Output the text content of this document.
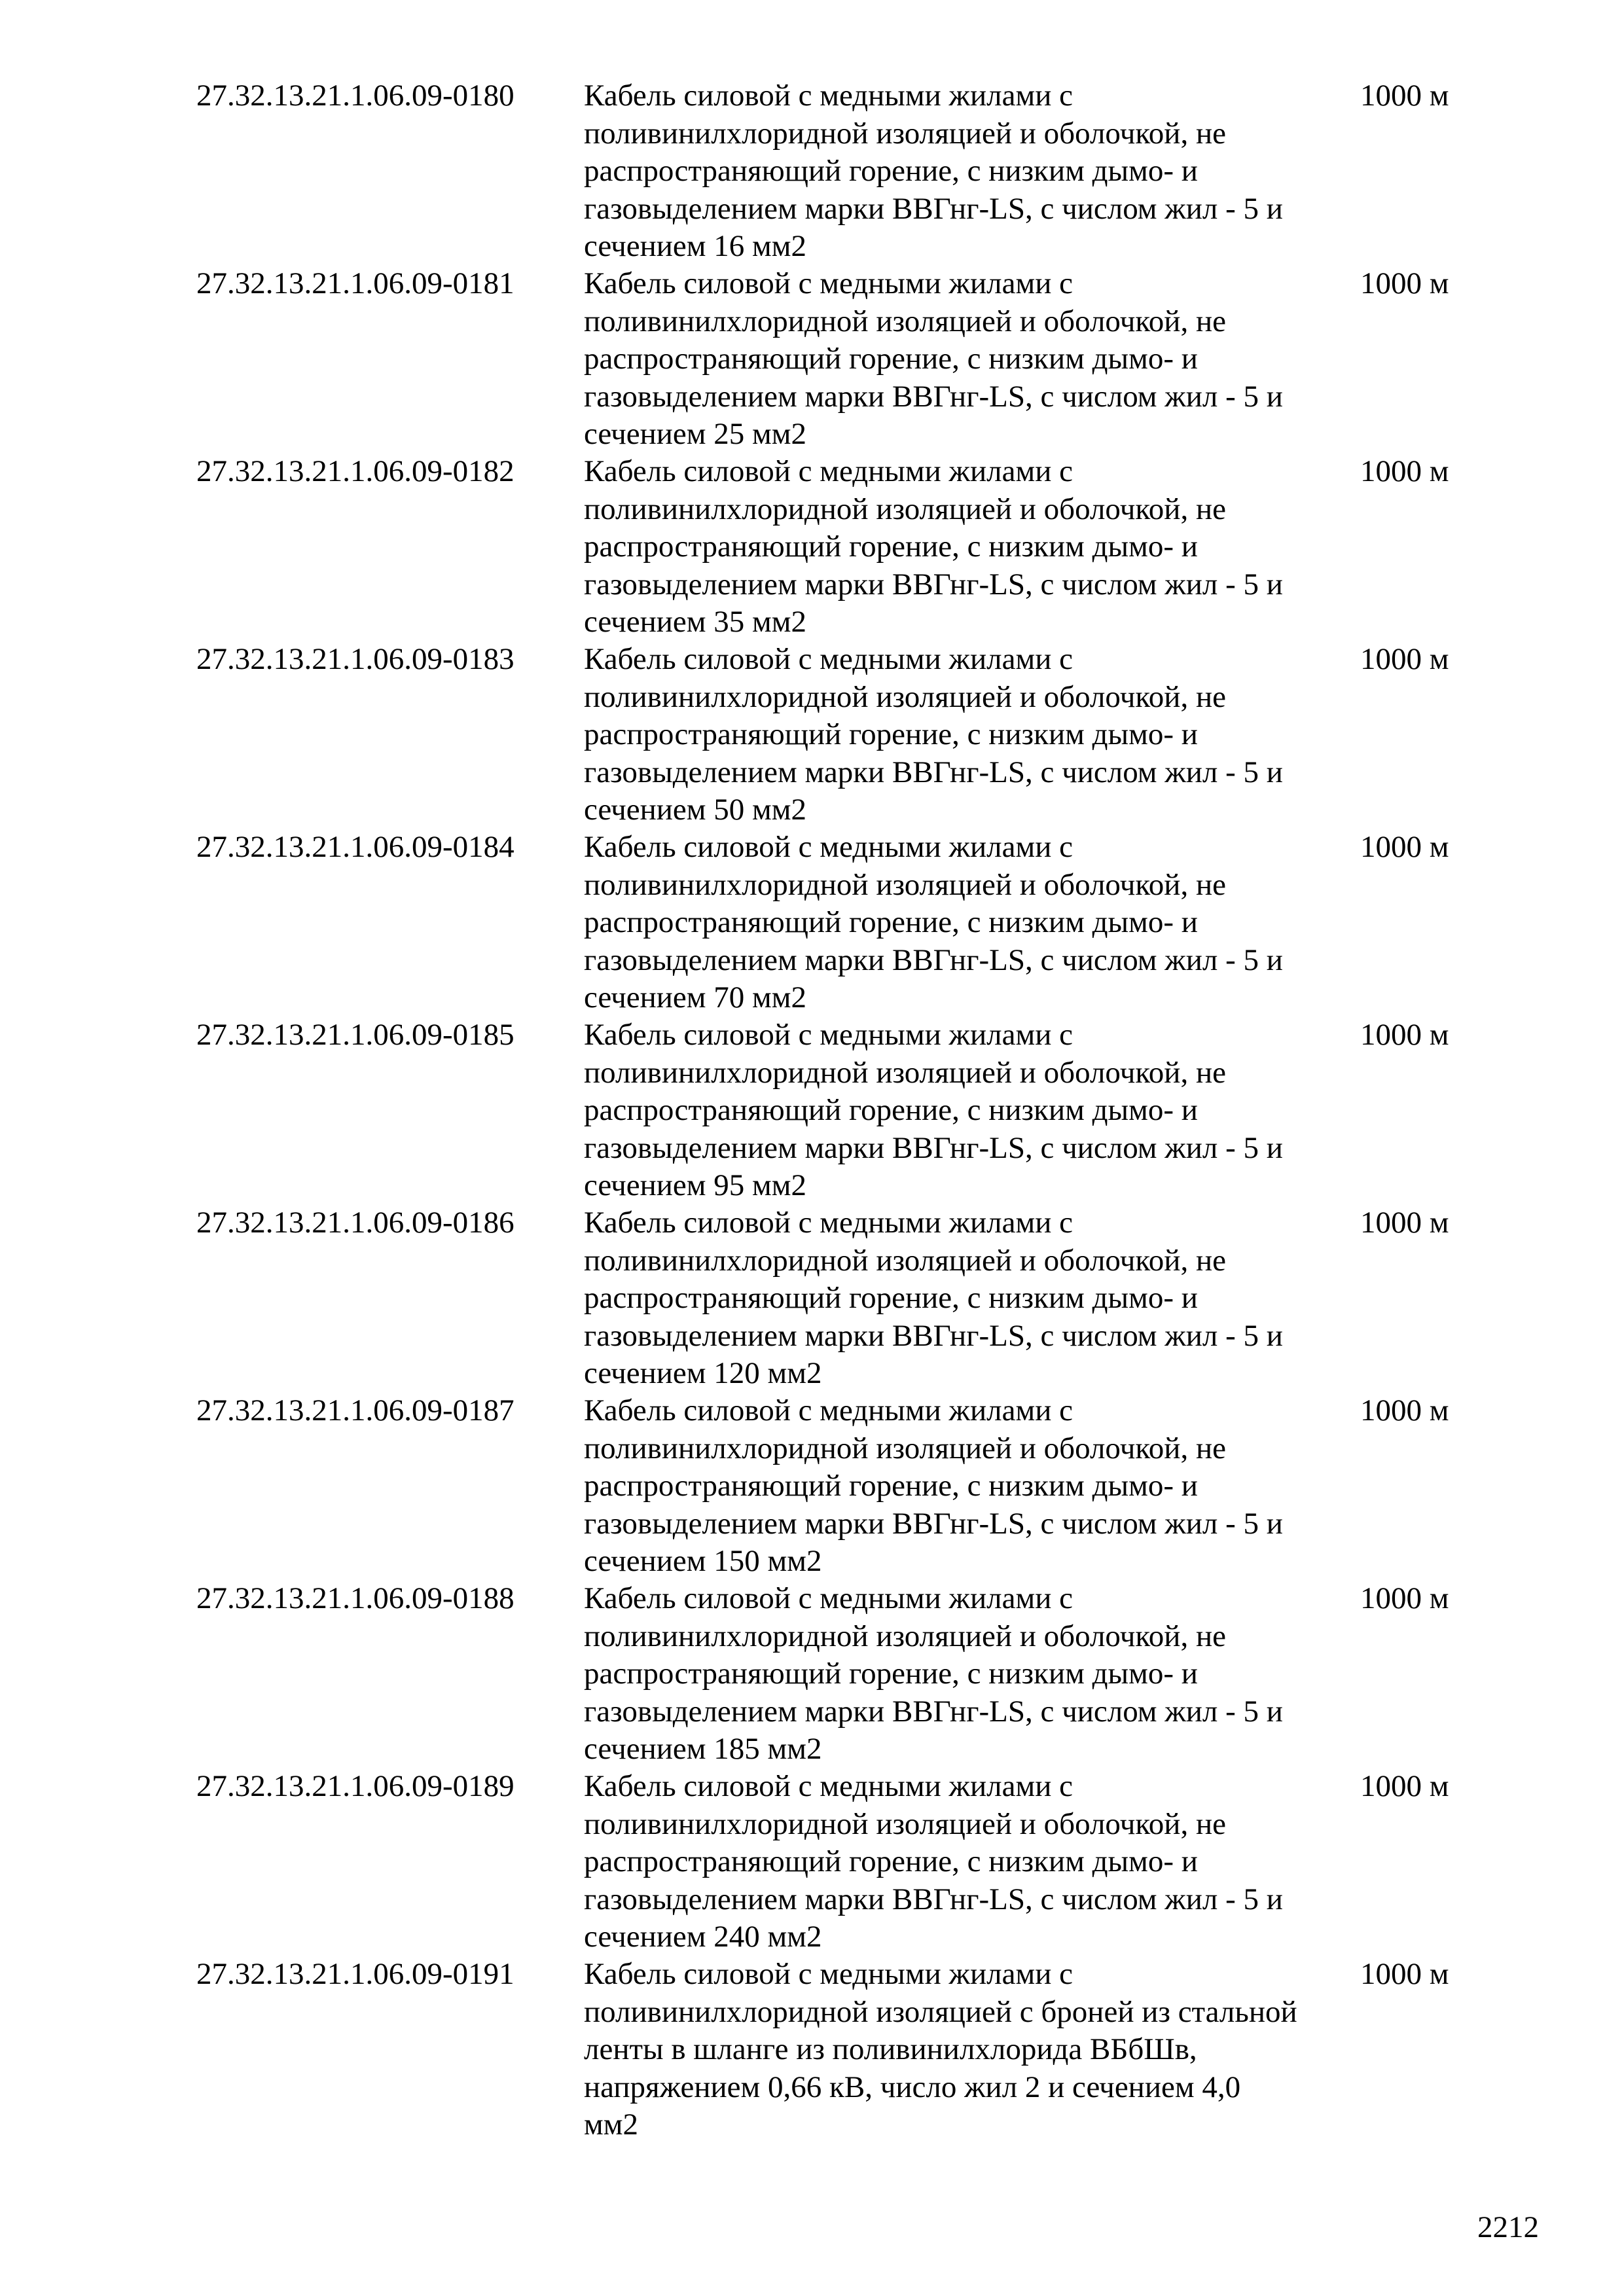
27.32.13.21.1.06.09-0180	Кабель силовой с медными жилами с
поливинилхлоридной изоляцией и оболочкой, не
распространяющий горение, с низким дымо- и
газовыделением марки ВВГнг-LS, с числом жил - 5 и
сечением 16 мм2
1000 м
27.32.13.21.1.06.09-0181	Кабель силовой с медными жилами с
поливинилхлоридной изоляцией и оболочкой, не
распространяющий горение, с низким дымо- и
газовыделением марки ВВГнг-LS, с числом жил - 5 и
сечением 25 мм2
1000 м
27.32.13.21.1.06.09-0182	Кабель силовой с медными жилами с
поливинилхлоридной изоляцией и оболочкой, не
распространяющий горение, с низким дымо- и
газовыделением марки ВВГнг-LS, с числом жил - 5 и
сечением 35 мм2
1000 м
27.32.13.21.1.06.09-0183	Кабель силовой с медными жилами с
поливинилхлоридной изоляцией и оболочкой, не
распространяющий горение, с низким дымо- и
газовыделением марки ВВГнг-LS, с числом жил - 5 и
сечением 50 мм2
1000 м
27.32.13.21.1.06.09-0184	Кабель силовой с медными жилами с
поливинилхлоридной изоляцией и оболочкой, не
распространяющий горение, с низким дымо- и
газовыделением марки ВВГнг-LS, с числом жил - 5 и
сечением 70 мм2
1000 м
27.32.13.21.1.06.09-0185	Кабель силовой с медными жилами с
поливинилхлоридной изоляцией и оболочкой, не
распространяющий горение, с низким дымо- и
газовыделением марки ВВГнг-LS, с числом жил - 5 и
сечением 95 мм2
1000 м
27.32.13.21.1.06.09-0186	Кабель силовой с медными жилами с
поливинилхлоридной изоляцией и оболочкой, не
распространяющий горение, с низким дымо- и
газовыделением марки ВВГнг-LS, с числом жил - 5 и
сечением 120 мм2
1000 м
27.32.13.21.1.06.09-0187	Кабель силовой с медными жилами с
поливинилхлоридной изоляцией и оболочкой, не
распространяющий горение, с низким дымо- и
газовыделением марки ВВГнг-LS, с числом жил - 5 и
сечением 150 мм2
1000 м
27.32.13.21.1.06.09-0188	Кабель силовой с медными жилами с
поливинилхлоридной изоляцией и оболочкой, не
распространяющий горение, с низким дымо- и
газовыделением марки ВВГнг-LS, с числом жил - 5 и
сечением 185 мм2
1000 м
27.32.13.21.1.06.09-0189	Кабель силовой с медными жилами с
поливинилхлоридной изоляцией и оболочкой, не
распространяющий горение, с низким дымо- и
газовыделением марки ВВГнг-LS, с числом жил - 5 и
сечением 240 мм2
1000 м
27.32.13.21.1.06.09-0191	Кабель силовой с медными жилами с
поливинилхлоридной изоляцией с броней из стальной
ленты в шланге из поливинилхлорида ВБбШв,
напряжением 0,66 кВ, число жил 2 и сечением 4,0
мм2
1000 м
2212
